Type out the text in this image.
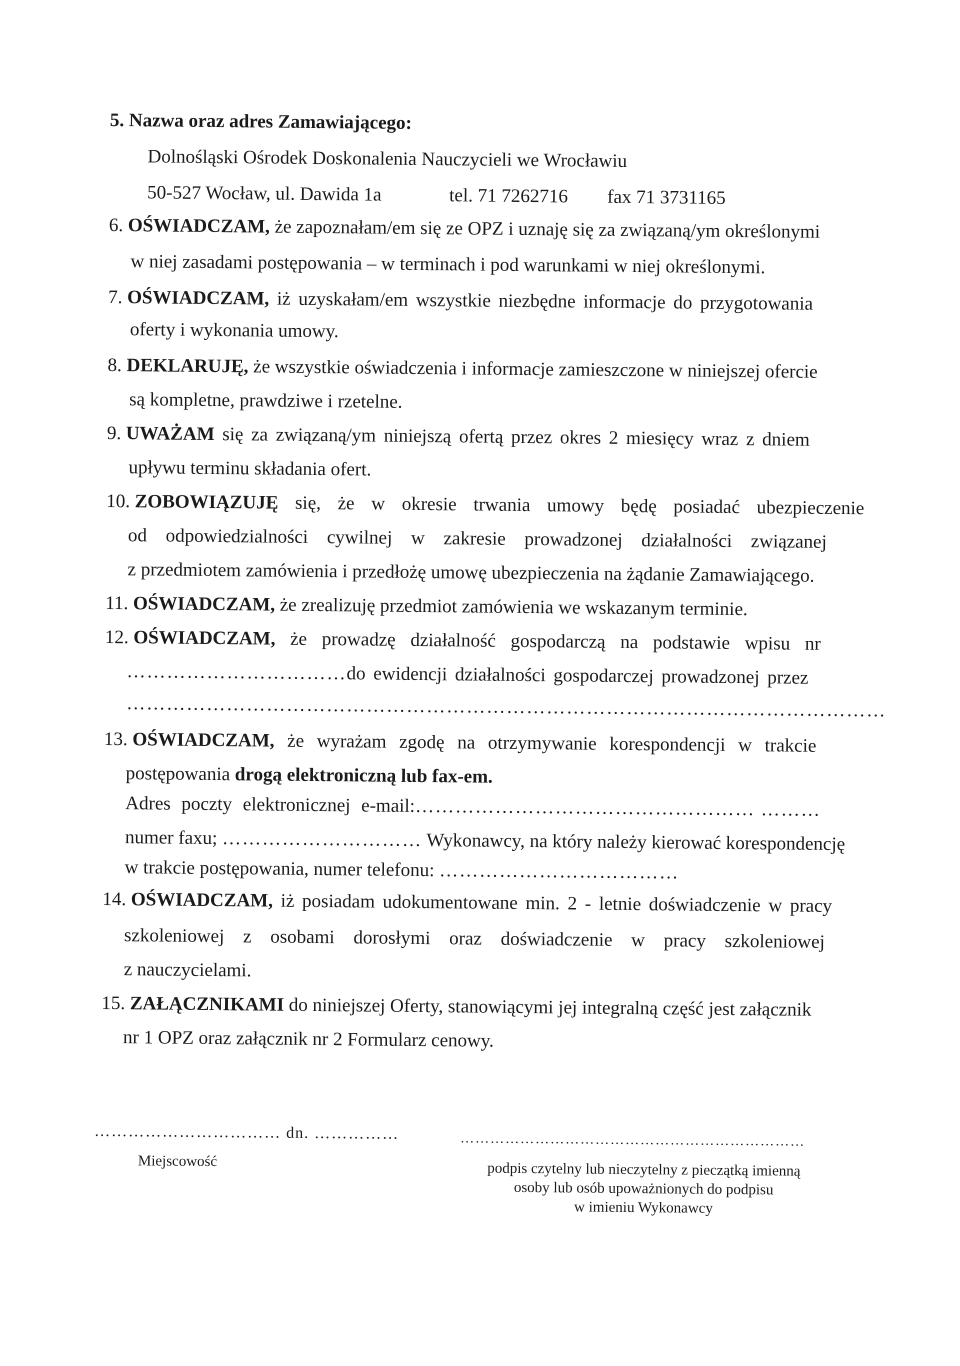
5. Nazwa oraz adres Zamawiającego:
Dolnośląski Ośrodek Doskonalenia Nauczycieli we Wrocławiu
50-527 Wocław, ul. Dawida 1a	tel. 71 7262716 fax 71 3731165
6. OŚWIADCZAM, że zapoznałam/em się ze OPZ i uznaję się za związaną/ym określonymi
w niej zasadami postępowania – w terminach i pod warunkami w niej określonymi.
7. OŚWIADCZAM, iż uzyskałam/em wszystkie niezbędne informacje do przygotowania
oferty i wykonania umowy.
8. DEKLARUJĘ, że wszystkie oświadczenia i informacje zamieszczone w niniejszej ofercie
są kompletne, prawdziwe i rzetelne.
9. UWAŻAM się za związaną/ym niniejszą ofertą przez okres 2 miesięcy wraz z dniem
upływu terminu składania ofert.
10. ZOBOWIĄZUJĘ się, że w okresie trwania umowy będę posiadać ubezpieczenie
od odpowiedzialności cywilnej w zakresie prowadzonej działalności związanej
z przedmiotem zamówienia i przedłożę umowę ubezpieczenia na żądanie Zamawiającego.
11. OŚWIADCZAM, że zrealizuję przedmiot zamówienia we wskazanym terminie.
12. OŚWIADCZAM, że prowadzę działalność gospodarczą na podstawie wpisu nr
……………………………do ewidencji działalności gospodarczej prowadzonej przez
……………………………………………………………………………………………………
13. OŚWIADCZAM, że wyrażam zgodę na otrzymywanie korespondencji w trakcie
postępowania drogą elektroniczną lub fax-em.
Adres poczty elektronicznej e-mail:…………………………………………… ………
numer faxu; ………………………… Wykonawcy, na który należy kierować korespondencję
w trakcie postępowania, numer telefonu: ………………………………
14. OŚWIADCZAM, iż posiadam udokumentowane min. 2 - letnie doświadczenie w pracy
szkoleniowej z osobami dorosłymi oraz doświadczenie w pracy szkoleniowej
z nauczycielami.
15. ZAŁĄCZNIKAMI do niniejszej Oferty, stanowiącymi jej integralną część jest załącznik
nr 1 OPZ oraz załącznik nr 2 Formularz cenowy.
…………………………… dn. ……………
Miejscowość
……………………………………………………………
podpis czytelny lub nieczytelny z pieczątką imienną
osoby lub osób upoważnionych do podpisu
w imieniu Wykonawcy
